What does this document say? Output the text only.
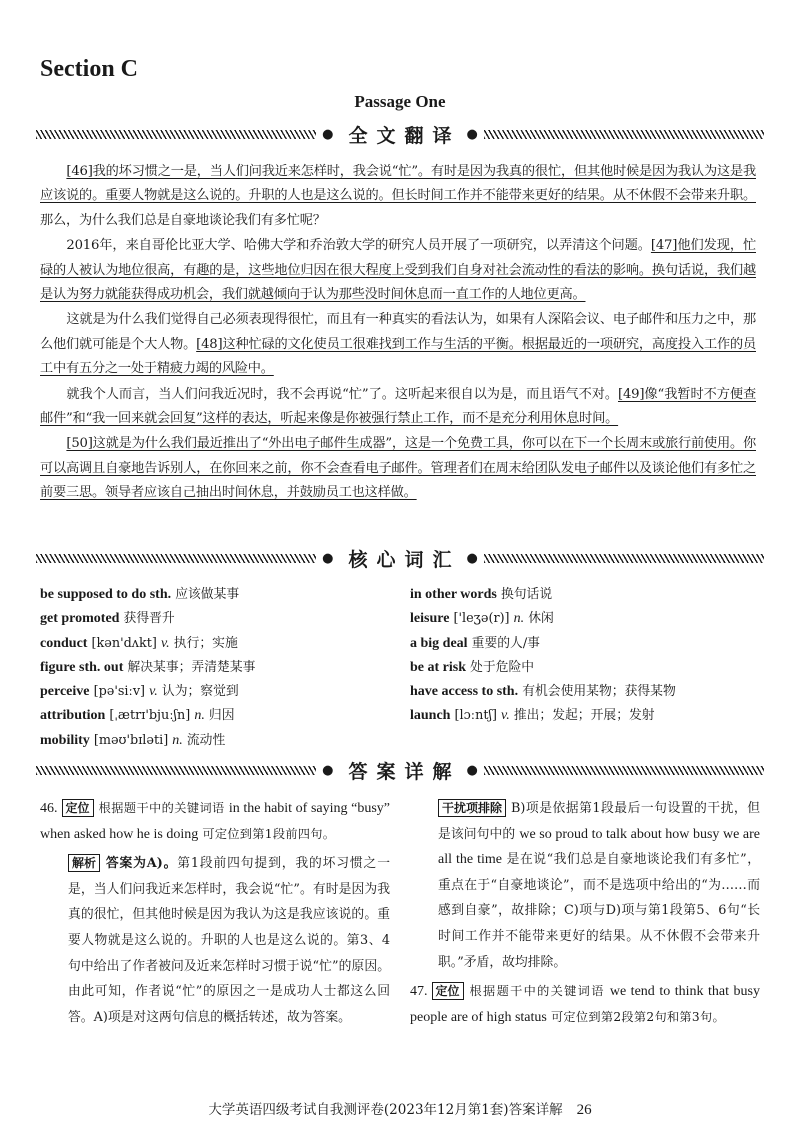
Section C
Passage One
● 全文翻译 ●

[46]我的坏习惯之一是，当人们问我近来怎样时，我会说“忙”。有时是因为我真的很忙，但其他时候是因为我认为这是我应该说的。重要人物就是这么说的。升职的人也是这么说的。但长时间工作并不能带来更好的结果。从不休假不会带来升职。那么，为什么我们总是自豪地谈论我们有多忙呢？

2016年，来自哥伦比亚大学、哈佛大学和乔治敦大学的研究人员开展了一项研究，以弄清这个问题。[47]他们发现，忙碌的人被认为地位很高，有趣的是，这些地位归因在很大程度上受到我们自身对社会流动性的看法的影响。换句话说，我们越是认为努力就能获得成功机会，我们就越倾向于认为那些没时间休息而一直工作的人地位更高。

这就是为什么我们觉得自己必须表现得很忙，而且有一种真实的看法认为，如果有人深陷会议、电子邮件和压力之中，那么他们就可能是个大人物。[48]这种忙碌的文化使员工很难找到工作与生活的平衡。根据最近的一项研究，高度投入工作的员工中有五分之一处于精疲力竭的风险中。

就我个人而言，当人们问我近况时，我不会再说“忙”了。这听起来很自以为是，而且语气不对。[49]像“我暂时不方便查邮件”和“我一回来就会回复”这样的表达，听起来像是你被强行禁止工作，而不是充分利用休息时间。

[50]这就是为什么我们最近推出了“外出电子邮件生成器”，这是一个免费工具，你可以在下一个长周末或旅行前使用。你可以高调且自豪地告诉别人，在你回来之前，你不会查看电子邮件。管理者们在周末给团队发电子邮件以及谈论他们有多忙之前要三思。领导者应该自己抽出时间休息，并鼓励员工也这样做。

● 核心词汇 ●
be supposed to do sth. 应该做某事
get promoted 获得晋升
conduct [kən'dʌkt] v. 执行；实施
figure sth. out 解决某事；弄清楚某事
perceive [pə'siːv] v. 认为；察觉到
attribution [ˌætrɪ'bjuːʃn] n. 归因
mobility [məʊ'bɪləti] n. 流动性
in other words 换句话说
leisure ['leʒə(r)] n. 休闲
a big deal 重要的人/事
be at risk 处于危险中
have access to sth. 有机会使用某物；获得某物
launch [lɔːntʃ] v. 推出；发起；开展；发射
● 答案详解 ●

46. 定位 根据题干中的关键词语 in the habit of saying “busy” when asked how he is doing 可定位到第1段前四句。

解析 答案为A)。第1段前四句提到，我的坏习惯之一是，当人们问我近来怎样时，我会说“忙”。有时是因为我真的很忙，但其他时候是因为我认为这是我应该说的。重要人物就是这么说的。升职的人也是这么说的。第3、4句中给出了作者被问及近来怎样时习惯于说“忙”的原因。由此可知，作者说“忙”的原因之一是成功人士都这么回答。A)项是对这两句信息的概括转述，故为答案。

干扰项排除 B)项是依据第1段最后一句设置的干扰，但是该问句中的 we so proud to talk about how busy we are all the time 是在说“我们总是自豪地谈论我们有多忙”，重点在于“自豪地谈论”，而不是选项中给出的“为……而感到自豪”，故排除；C)项与D)项与第1段第5、6句“长时间工作并不能带来更好的结果。从不休假不会带来升职。”矛盾，故均排除。

47. 定位 根据题干中的关键词语 we tend to think that busy people are of high status 可定位到第2段第2句和第3句。

大学英语四级考试自我测评卷(2023年12月第1套)答案详解 26
